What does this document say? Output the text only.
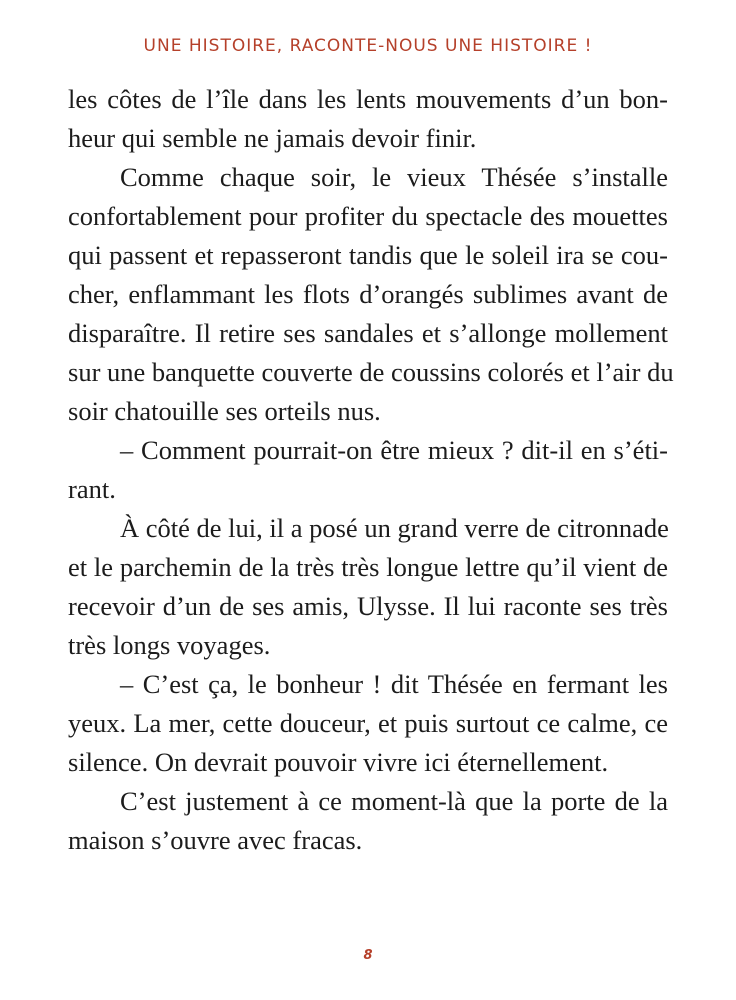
UNE HISTOIRE, RACONTE-NOUS UNE HISTOIRE !
les côtes de l’île dans les lents mouvements d’un bon-
heur qui semble ne jamais devoir finir.
Comme chaque soir, le vieux Thésée s’installe
confortablement pour profiter du spectacle des mouettes
qui passent et repasseront tandis que le soleil ira se cou-
cher, enflammant les flots d’orangés sublimes avant de
disparaître. Il retire ses sandales et s’allonge mollement
sur une banquette couverte de coussins colorés et l’air du
soir chatouille ses orteils nus.
– Comment pourrait-on être mieux ? dit-il en s’éti-
rant.
À côté de lui, il a posé un grand verre de citronnade
et le parchemin de la très très longue lettre qu’il vient de
recevoir d’un de ses amis, Ulysse. Il lui raconte ses très
très longs voyages.
– C’est ça, le bonheur ! dit Thésée en fermant les
yeux. La mer, cette douceur, et puis surtout ce calme, ce
silence. On devrait pouvoir vivre ici éternellement.
C’est justement à ce moment-là que la porte de la
maison s’ouvre avec fracas.
8
